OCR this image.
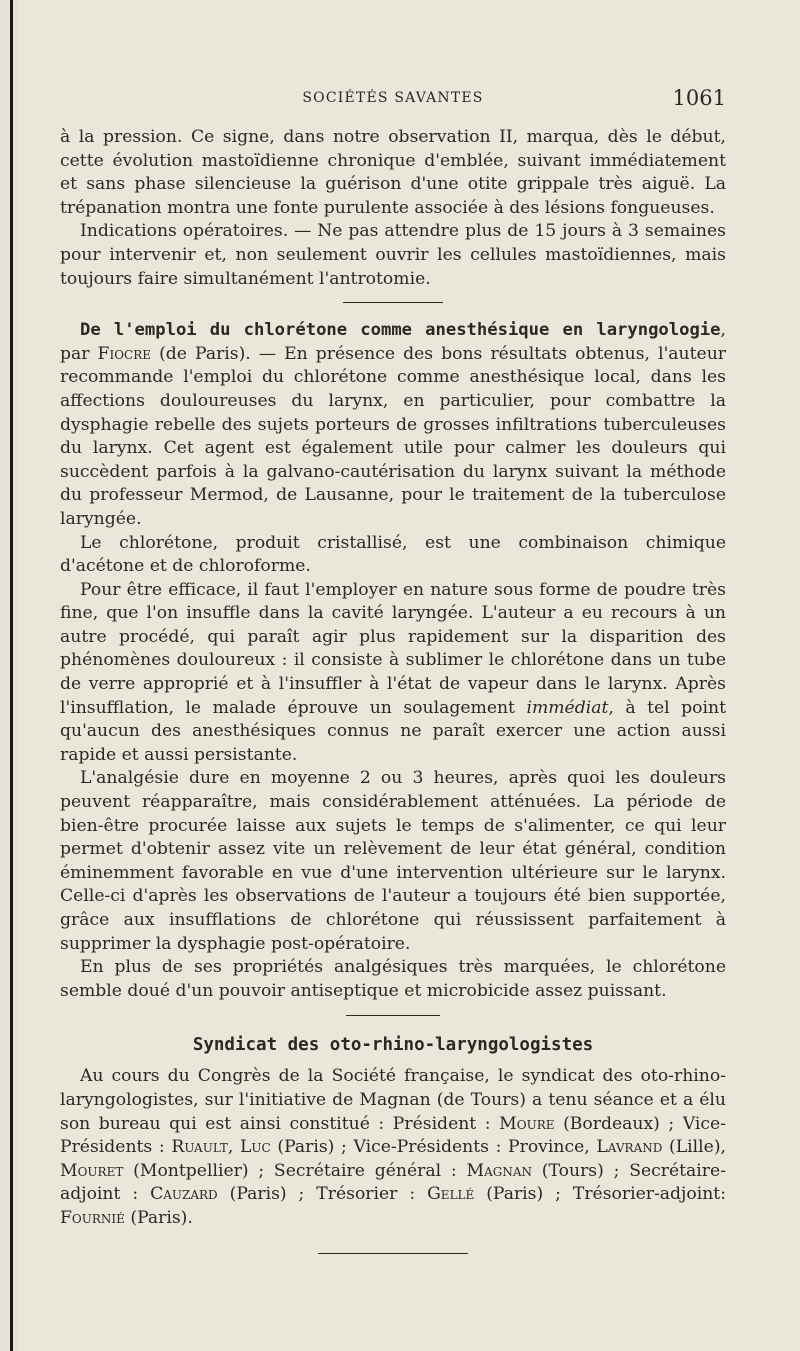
SOCIÉTÉS SAVANTES	1061

à la pression. Ce signe, dans notre observation II, marqua, dès le début, cette évolution mastoïdienne chronique d'emblée, suivant immédiatement et sans phase silencieuse la guérison d'une otite grippale très aiguë. La trépanation montra une fonte purulente associée à des lésions fongueuses.

Indications opératoires. — Ne pas attendre plus de 15 jours à 3 semaines pour intervenir et, non seulement ouvrir les cellules mastoïdiennes, mais toujours faire simultanément l'antrotomie.

De l'emploi du chlorétone comme anesthésique en laryngologie, par Fiocre (de Paris). — En présence des bons résultats obtenus, l'auteur recommande l'emploi du chlorétone comme anesthésique local, dans les affections douloureuses du larynx, en particulier, pour combattre la dysphagie rebelle des sujets porteurs de grosses infiltrations tuberculeuses du larynx. Cet agent est également utile pour calmer les douleurs qui succèdent parfois à la galvano-cautérisation du larynx suivant la méthode du professeur Mermod, de Lausanne, pour le traitement de la tuberculose laryngée.

Le chlorétone, produit cristallisé, est une combinaison chimique d'acétone et de chloroforme.

Pour être efficace, il faut l'employer en nature sous forme de poudre très fine, que l'on insuffle dans la cavité laryngée. L'auteur a eu recours à un autre procédé, qui paraît agir plus rapidement sur la disparition des phénomènes douloureux : il consiste à sublimer le chlorétone dans un tube de verre approprié et à l'insuffler à l'état de vapeur dans le larynx. Après l'insufflation, le malade éprouve un soulagement immédiat, à tel point qu'aucun des anesthésiques connus ne paraît exercer une action aussi rapide et aussi persistante.

L'analgésie dure en moyenne 2 ou 3 heures, après quoi les douleurs peuvent réapparaître, mais considérablement atténuées. La période de bien-être procurée laisse aux sujets le temps de s'alimenter, ce qui leur permet d'obtenir assez vite un relèvement de leur état général, condition éminemment favorable en vue d'une intervention ultérieure sur le larynx. Celle-ci d'après les observations de l'auteur a toujours été bien supportée, grâce aux insufflations de chlorétone qui réussissent parfaitement à supprimer la dysphagie post-opératoire.

En plus de ses propriétés analgésiques très marquées, le chlorétone semble doué d'un pouvoir antiseptique et microbicide assez puissant.

Syndicat des oto-rhino-laryngologistes

Au cours du Congrès de la Société française, le syndicat des oto-rhino-laryngologistes, sur l'initiative de Magnan (de Tours) a tenu séance et a élu son bureau qui est ainsi constitué : Président : Moure (Bordeaux) ; Vice-Présidents : Ruault, Luc (Paris) ; Vice-Présidents : Province, Lavrand (Lille), Mouret (Montpellier) ; Secrétaire général : Magnan (Tours) ; Secrétaire-adjoint : Cauzard (Paris) ; Trésorier : Gellé (Paris) ; Trésorier-adjoint: Fournié (Paris).
